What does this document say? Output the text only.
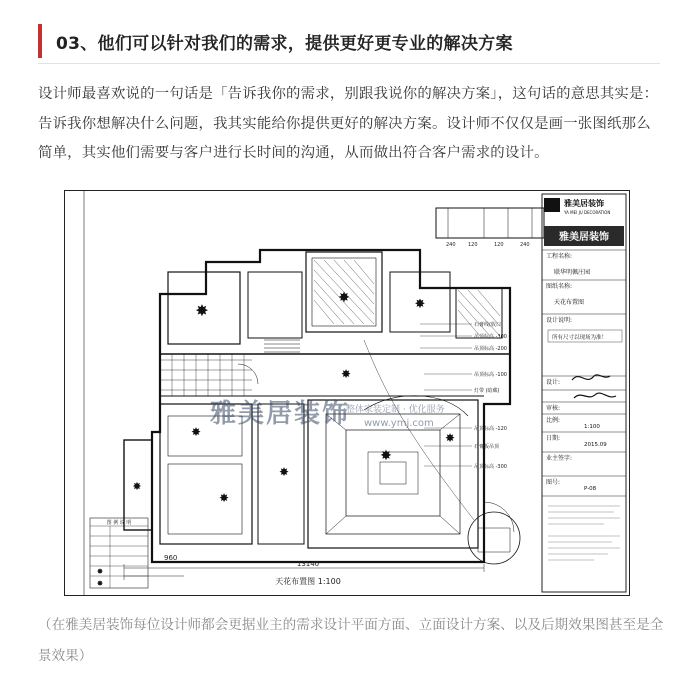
03、他们可以针对我们的需求，提供更好更专业的解决方案
设计师最喜欢说的一句话是「告诉我你的需求，别跟我说你的解决方案」，这句话的意思其实是：告诉我你想解决什么问题，我其实能给你提供更好的解决方案。设计师不仅仅是画一张图纸那么简单，其实他们需要与客户进行长时间的沟通，从而做出符合客户需求的设计。
✸
✸	✸
✸
✸
✸
✸
✸
✸
✸
石膏线(收口)
吊顶标高 -300
吊顶标高 -200
吊顶标高 -100
灯带 (暗藏)
吊顶标高 -120
石膏板吊顶
吊顶标高 -300
240 120	120	240
13140
960
天花布置图 1:100
图 例 说 明
✸
✸
雅美居装饰
整体家装定制 · 优化服务
www.ymj.com
雅美居装饰
YA MEI JU DECORATION
雅美居装饰
工程名称:
联华明佩庄园
图纸名称:
天花布置图
设计说明:
所有尺寸以现场为准！
设计:
审核:
比例:
1:100
日期:
2015.09
业主签字:
图号:
P-08
（在雅美居装饰每位设计师都会更据业主的需求设计平面方面、立面设计方案、以及后期效果图甚至是全景效果）
